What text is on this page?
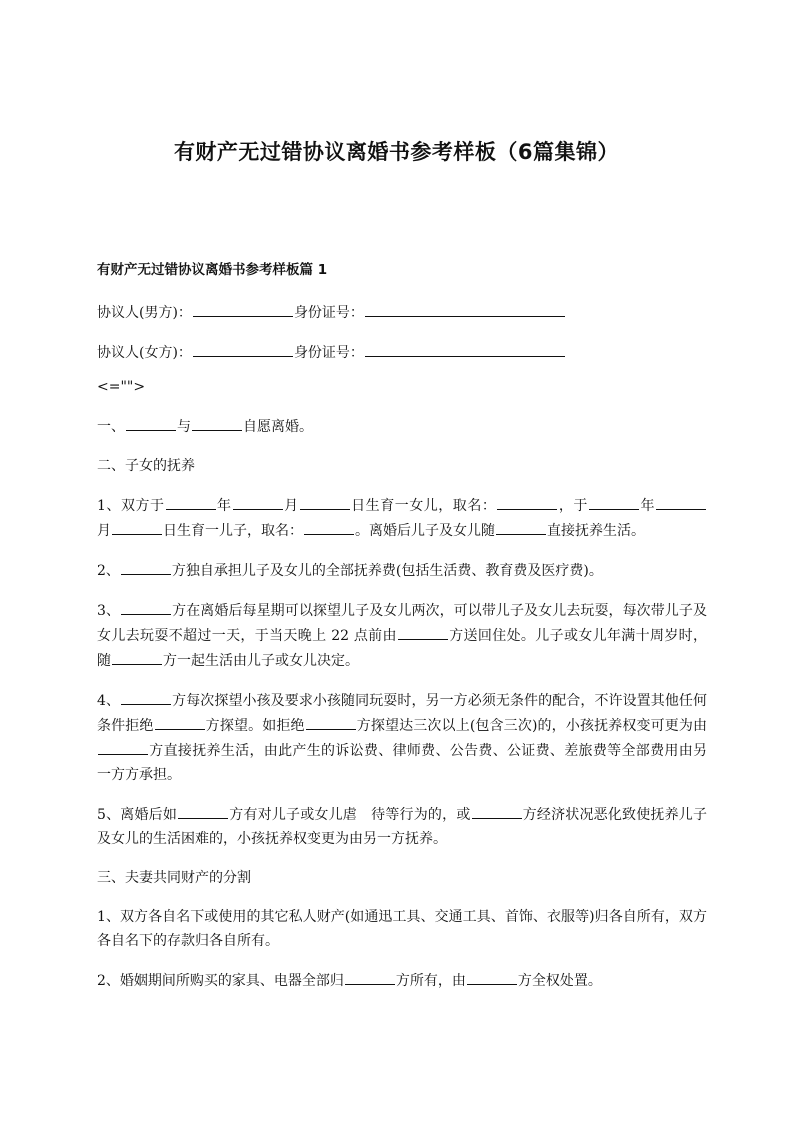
有财产无过错协议离婚书参考样板（6篇集锦）
有财产无过错协议离婚书参考样板篇 1

协议人(男方)：	身份证号：

协议人(女方)：	身份证号：

<="">

一、	与	自愿离婚。

二、子女的抚养

1、双方于	年	月	日生育一女儿，取名：	，于	年月	日生育一儿子，取名：	。离婚后儿子及女儿随	直接抚养生活。

2、	方独自承担儿子及女儿的全部抚养费(包括生活费、教育费及医疗费)。

3、	方在离婚后每星期可以探望儿子及女儿两次，可以带儿子及女儿去玩耍，每次带儿子及女儿去玩耍不超过一天，于当天晚上 22 点前由	方送回住处。儿子或女儿年满十周岁时，随	方一起生活由儿子或女儿决定。

4、	方每次探望小孩及要求小孩随同玩耍时，另一方必须无条件的配合，不许设置其他任何条件拒绝	方探望。如拒绝	方探望达三次以上(包含三次)的，小孩抚养权变可更为由方直接抚养生活，由此产生的诉讼费、律师费、公告费、公证费、差旅费等全部费用由另一方方承担。

5、离婚后如	方有对儿子或女儿虐　待等行为的，或	方经济状况恶化致使抚养儿子及女儿的生活困难的，小孩抚养权变更为由另一方抚养。

三、夫妻共同财产的分割

1、双方各自名下或使用的其它私人财产(如通迅工具、交通工具、首饰、衣服等)归各自所有，双方各自名下的存款归各自所有。

2、婚姻期间所购买的家具、电器全部归	方所有，由	方全权处置。
